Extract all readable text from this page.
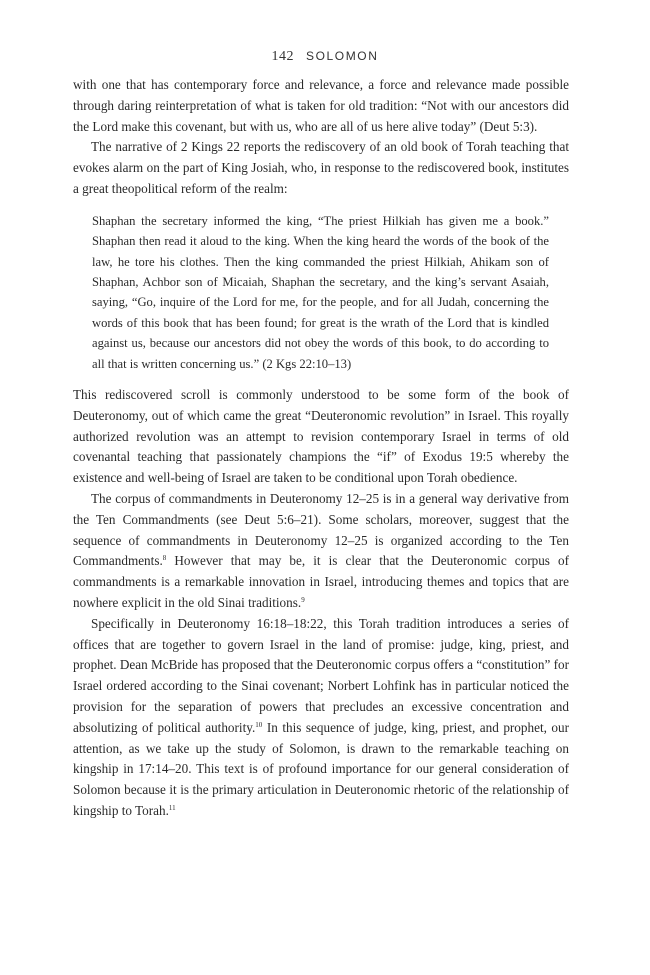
142 SOLOMON

with one that has contemporary force and relevance, a force and relevance made possible through daring reinterpretation of what is taken for old tradition: “Not with our ancestors did the Lord make this covenant, but with us, who are all of us here alive today” (Deut 5:3).

The narrative of 2 Kings 22 reports the rediscovery of an old book of Torah teaching that evokes alarm on the part of King Josiah, who, in response to the rediscovered book, institutes a great theopolitical reform of the realm:

Shaphan the secretary informed the king, “The priest Hilkiah has given me a book.” Shaphan then read it aloud to the king. When the king heard the words of the book of the law, he tore his clothes. Then the king commanded the priest Hilkiah, Ahikam son of Shaphan, Achbor son of Micaiah, Shaphan the secretary, and the king’s servant Asaiah, saying, “Go, inquire of the Lord for me, for the people, and for all Judah, concerning the words of this book that has been found; for great is the wrath of the Lord that is kindled against us, because our ancestors did not obey the words of this book, to do according to all that is written concerning us.” (2 Kgs 22:10–13)

This rediscovered scroll is commonly understood to be some form of the book of Deuteronomy, out of which came the great “Deuteronomic revolution” in Israel. This royally authorized revolution was an attempt to revision contemporary Israel in terms of old covenantal teaching that passionately champions the “if” of Exodus 19:5 whereby the existence and well-being of Israel are taken to be conditional upon Torah obedience.

The corpus of commandments in Deuteronomy 12–25 is in a general way derivative from the Ten Commandments (see Deut 5:6–21). Some scholars, moreover, suggest that the sequence of commandments in Deuteronomy 12–25 is organized according to the Ten Commandments.$^8$ However that may be, it is clear that the Deuteronomic corpus of commandments is a remarkable innovation in Israel, introducing themes and topics that are nowhere explicit in the old Sinai traditions.$^9$

Specifically in Deuteronomy 16:18–18:22, this Torah tradition introduces a series of offices that are together to govern Israel in the land of promise: judge, king, priest, and prophet. Dean McBride has proposed that the Deuteronomic corpus offers a “constitution” for Israel ordered according to the Sinai covenant; Norbert Lohfink has in particular noticed the provision for the separation of powers that precludes an excessive concentration and absolutizing of political authority.$^{10}$ In this sequence of judge, king, priest, and prophet, our attention, as we take up the study of Solomon, is drawn to the remarkable teaching on kingship in 17:14–20. This text is of profound importance for our general consideration of Solomon because it is the primary articulation in Deuteronomic rhetoric of the relationship of kingship to Torah.$^{11}$
